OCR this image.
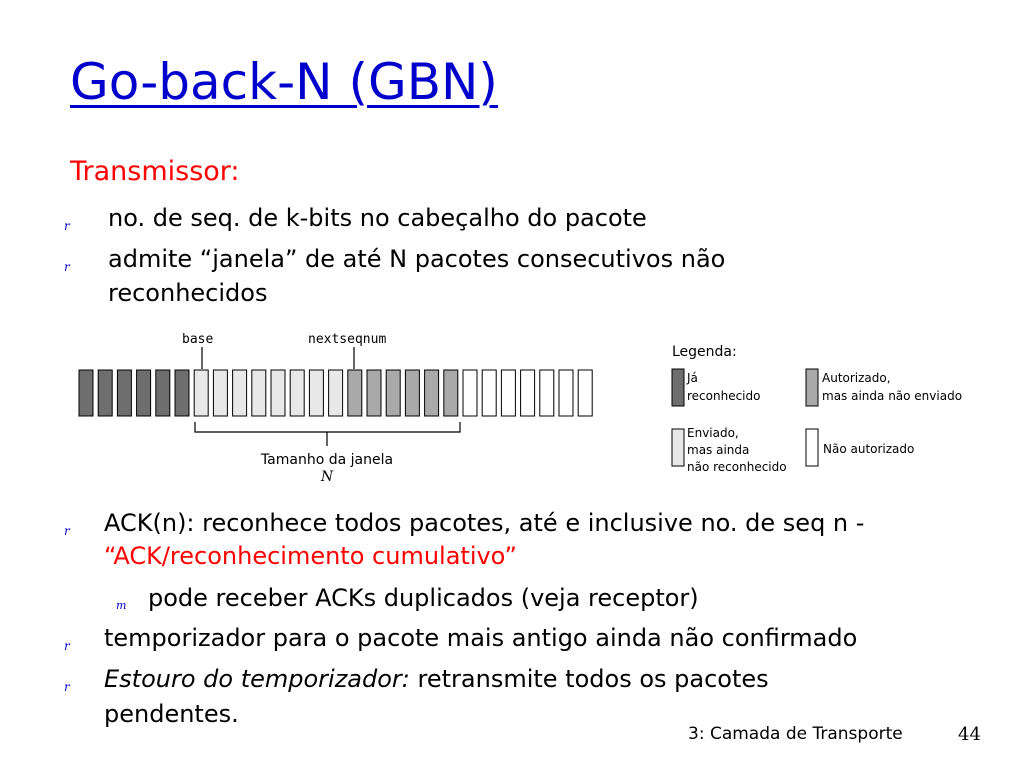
Go-back-N (GBN)
Transmissor:
r no. de seq. de k-bits no cabeçalho do pacote
r admite “janela” de até N pacotes consecutivos não
reconhecidos
base	nextseqnum
Tamanho da janela
N
Legenda:
Já reconhecido
Autorizado, mas ainda não enviado
Enviado, mas ainda não reconhecido
Não autorizado
r ACK(n): reconhece todos pacotes, até e inclusive no. de seq n -
“ACK/reconhecimento cumulativo”
m pode receber ACKs duplicados (veja receptor)
r temporizador para o pacote mais antigo ainda não confirmado
r Estouro do temporizador: retransmite todos os pacotes
pendentes.
3: Camada de Transporte	44
